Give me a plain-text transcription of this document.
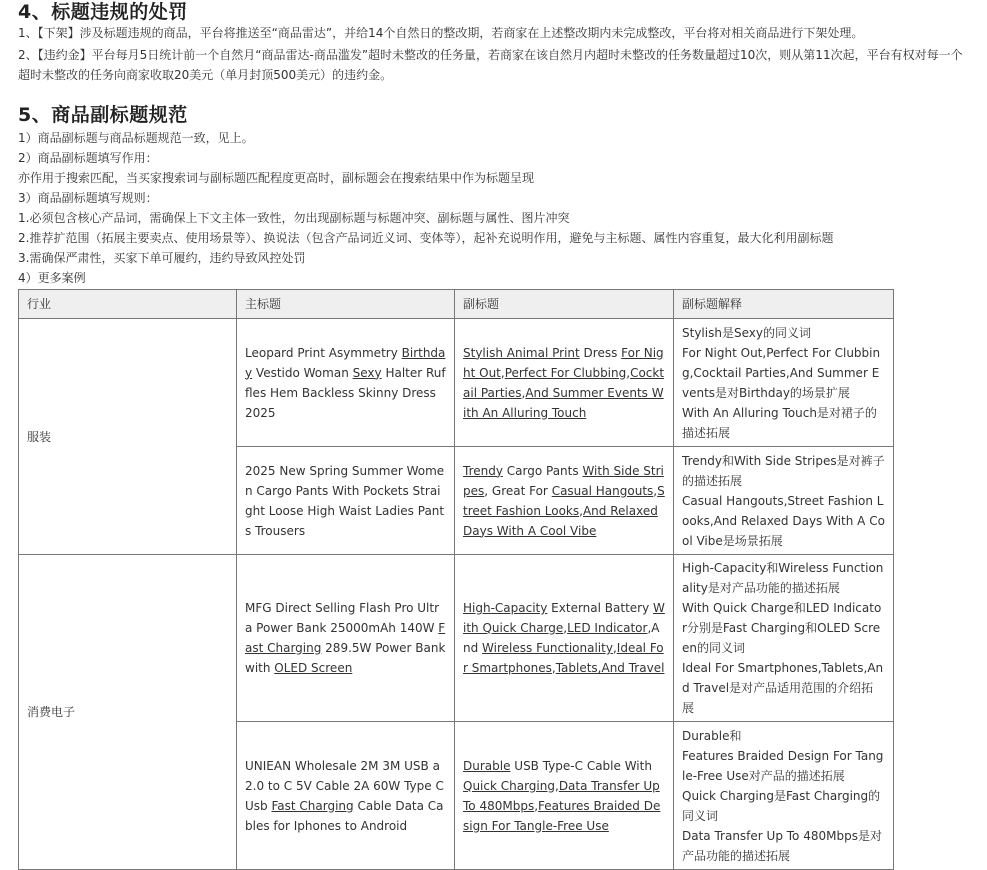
4、标题违规的处罚
1、【下架】涉及标题违规的商品，平台将推送至“商品雷达”，并给14个自然日的整改期，若商家在上述整改期内未完成整改，平台将对相关商品进行下架处理。
2、【违约金】平台每月5日统计前一个自然月“商品雷达-商品滥发”超时未整改的任务量，若商家在该自然月内超时未整改的任务数量超过10次，则从第11次起，平台有权对每一个
超时未整改的任务向商家收取20美元（单月封顶500美元）的违约金。
5、商品副标题规范
1）商品副标题与商品标题规范一致，见上。
2）商品副标题填写作用：
亦作用于搜索匹配，当买家搜索词与副标题匹配程度更高时，副标题会在搜索结果中作为标题呈现
3）商品副标题填写规则：
1.必须包含核心产品词，需确保上下文主体一致性，勿出现副标题与标题冲突、副标题与属性、图片冲突
2.推荐扩范围（拓展主要卖点、使用场景等）、换说法（包含产品词近义词、变体等），起补充说明作用，避免与主标题、属性内容重复，最大化利用副标题
3.需确保严肃性，买家下单可履约，违约导致风控处罚
4）更多案例
行业	主标题	副标题	副标题解释
服装	Leopard Print Asymmetry Birthday Vestido Woman Sexy Halter Ruffles Hem Backless Skinny Dress 2025	Stylish Animal Print Dress For Night Out,Perfect For Clubbing,Cocktail Parties,And Summer Events With An Alluring Touch	Stylish是Sexy的同义词
For Night Out,Perfect For Clubbing,Cocktail Parties,And Summer Events是对Birthday的场景扩展
With An Alluring Touch是对裙子的描述拓展

	2025 New Spring Summer Women Cargo Pants With Pockets Straight Loose High Waist Ladies Pants Trousers	Trendy Cargo Pants With Side Stripes, Great For Casual Hangouts,Street Fashion Looks,And Relaxed Days With A Cool Vibe	Trendy和With Side Stripes是对裤子的描述拓展
Casual Hangouts,Street Fashion Looks,And Relaxed Days With A Cool Vibe是场景拓展

消费电子	MFG Direct Selling Flash Pro Ultra Power Bank 25000mAh 140W Fast Charging 289.5W Power Bank with OLED Screen	High-Capacity External Battery With Quick Charge,LED Indicator,And Wireless Functionality,Ideal For Smartphones,Tablets,And Travel	High-Capacity和Wireless Functionality是对产品功能的描述拓展
With Quick Charge和LED Indicator分别是Fast Charging和OLED Screen的同义词
Ideal For Smartphones,Tablets,And Travel是对产品适用范围的介绍拓展

	UNIEAN Wholesale 2M 3M USB a 2.0 to C 5V Cable 2A 60W Type C Usb Fast Charging Cable Data Cables for Iphones to Android	Durable USB Type-C Cable With Quick Charging,Data Transfer Up To 480Mbps,Features Braided Design For Tangle-Free Use	Durable和
Features Braided Design For Tangle-Free Use对产品的描述拓展
Quick Charging是Fast Charging的同义词
Data Transfer Up To 480Mbps是对产品功能的描述拓展
